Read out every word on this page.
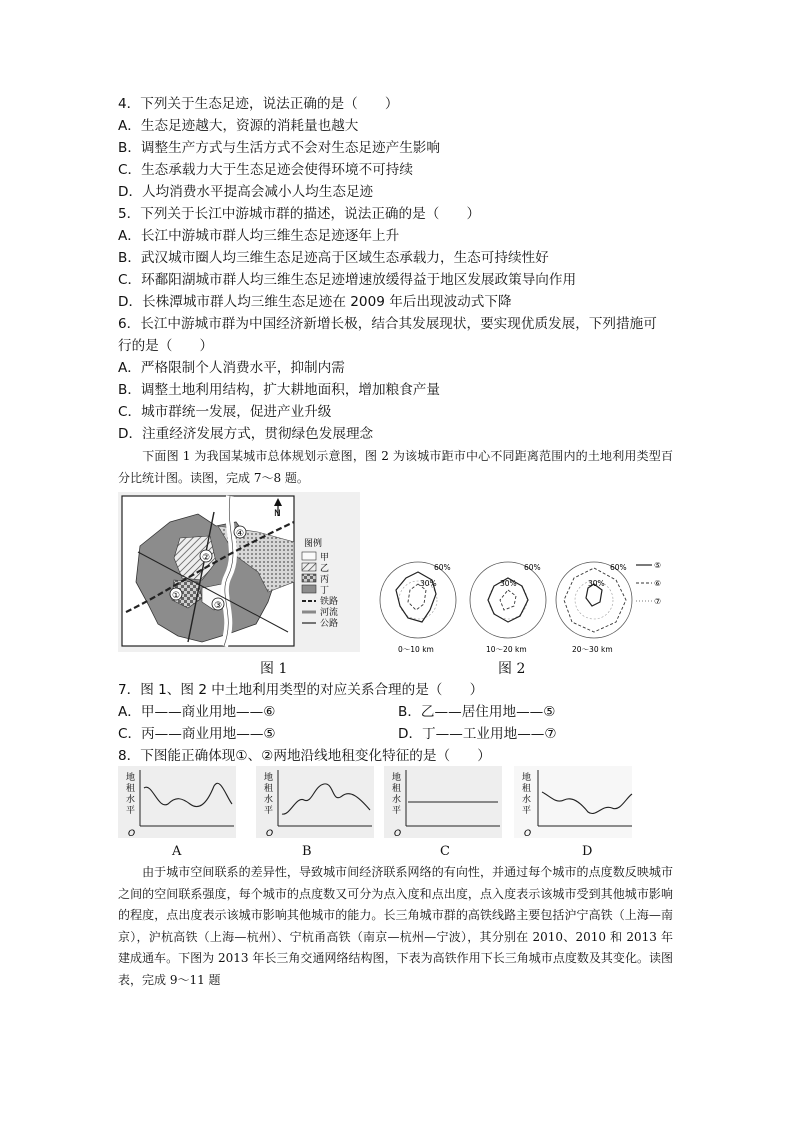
4．下列关于生态足迹，说法正确的是（　　）
A．生态足迹越大，资源的消耗量也越大
B．调整生产方式与生活方式不会对生态足迹产生影响
C．生态承载力大于生态足迹会使得环境不可持续
D．人均消费水平提高会减小人均生态足迹
5．下列关于长江中游城市群的描述，说法正确的是（　　）
A．长江中游城市群人均三维生态足迹逐年上升
B．武汉城市圈人均三维生态足迹高于区域生态承载力，生态可持续性好
C．环鄱阳湖城市群人均三维生态足迹增速放缓得益于地区发展政策导向作用
D．长株潭城市群人均三维生态足迹在 2009 年后出现波动式下降
6．长江中游城市群为中国经济新增长极，结合其发展现状，要实现优质发展，下列措施可
行的是（　　）
A．严格限制个人消费水平，抑制内需
B．调整土地利用结构，扩大耕地面积，增加粮食产量
C．城市群统一发展，促进产业升级
D．注重经济发展方式，贯彻绿色发展理念
下面图 1 为我国某城市总体规划示意图，图 2 为该城市距市中心不同距离范围内的土地利用类型百分比统计图。读图，完成 7～8 题。
①
②
③
④
N
图例
甲
乙
丙
丁
铁路
河流
公路
图 1
60%
30%
0～10 km
60%
30%
10～20 km
60%
30%
20～30 km
⑤
⑥
⑦
图 2
7．图 1、图 2 中土地利用类型的对应关系合理的是（　　）
A．甲——商业用地——⑥	B．乙——居住用地——⑤
C．丙——商业用地——⑤	D．丁——工业用地——⑦
8．下图能正确体现①、②两地沿线地租变化特征的是（　　）
地
租
水
平
O
地
租
水
平
O
地
租
水
平
O
地
租
水
平
O
A	B	C	D
由于城市空间联系的差异性，导致城市间经济联系网络的有向性，并通过每个城市的点度数反映城市之间的空间联系强度，每个城市的点度数又可分为点入度和点出度，点入度表示该城市受到其他城市影响的程度，点出度表示该城市影响其他城市的能力。长三角城市群的高铁线路主要包括沪宁高铁（上海—南京），沪杭高铁（上海—杭州）、宁杭甬高铁（南京—杭州—宁波），其分别在 2010、2010 和 2013 年建成通车。下图为 2013 年长三角交通网络结构图，下表为高铁作用下长三角城市点度数及其变化。读图表，完成 9～11 题
